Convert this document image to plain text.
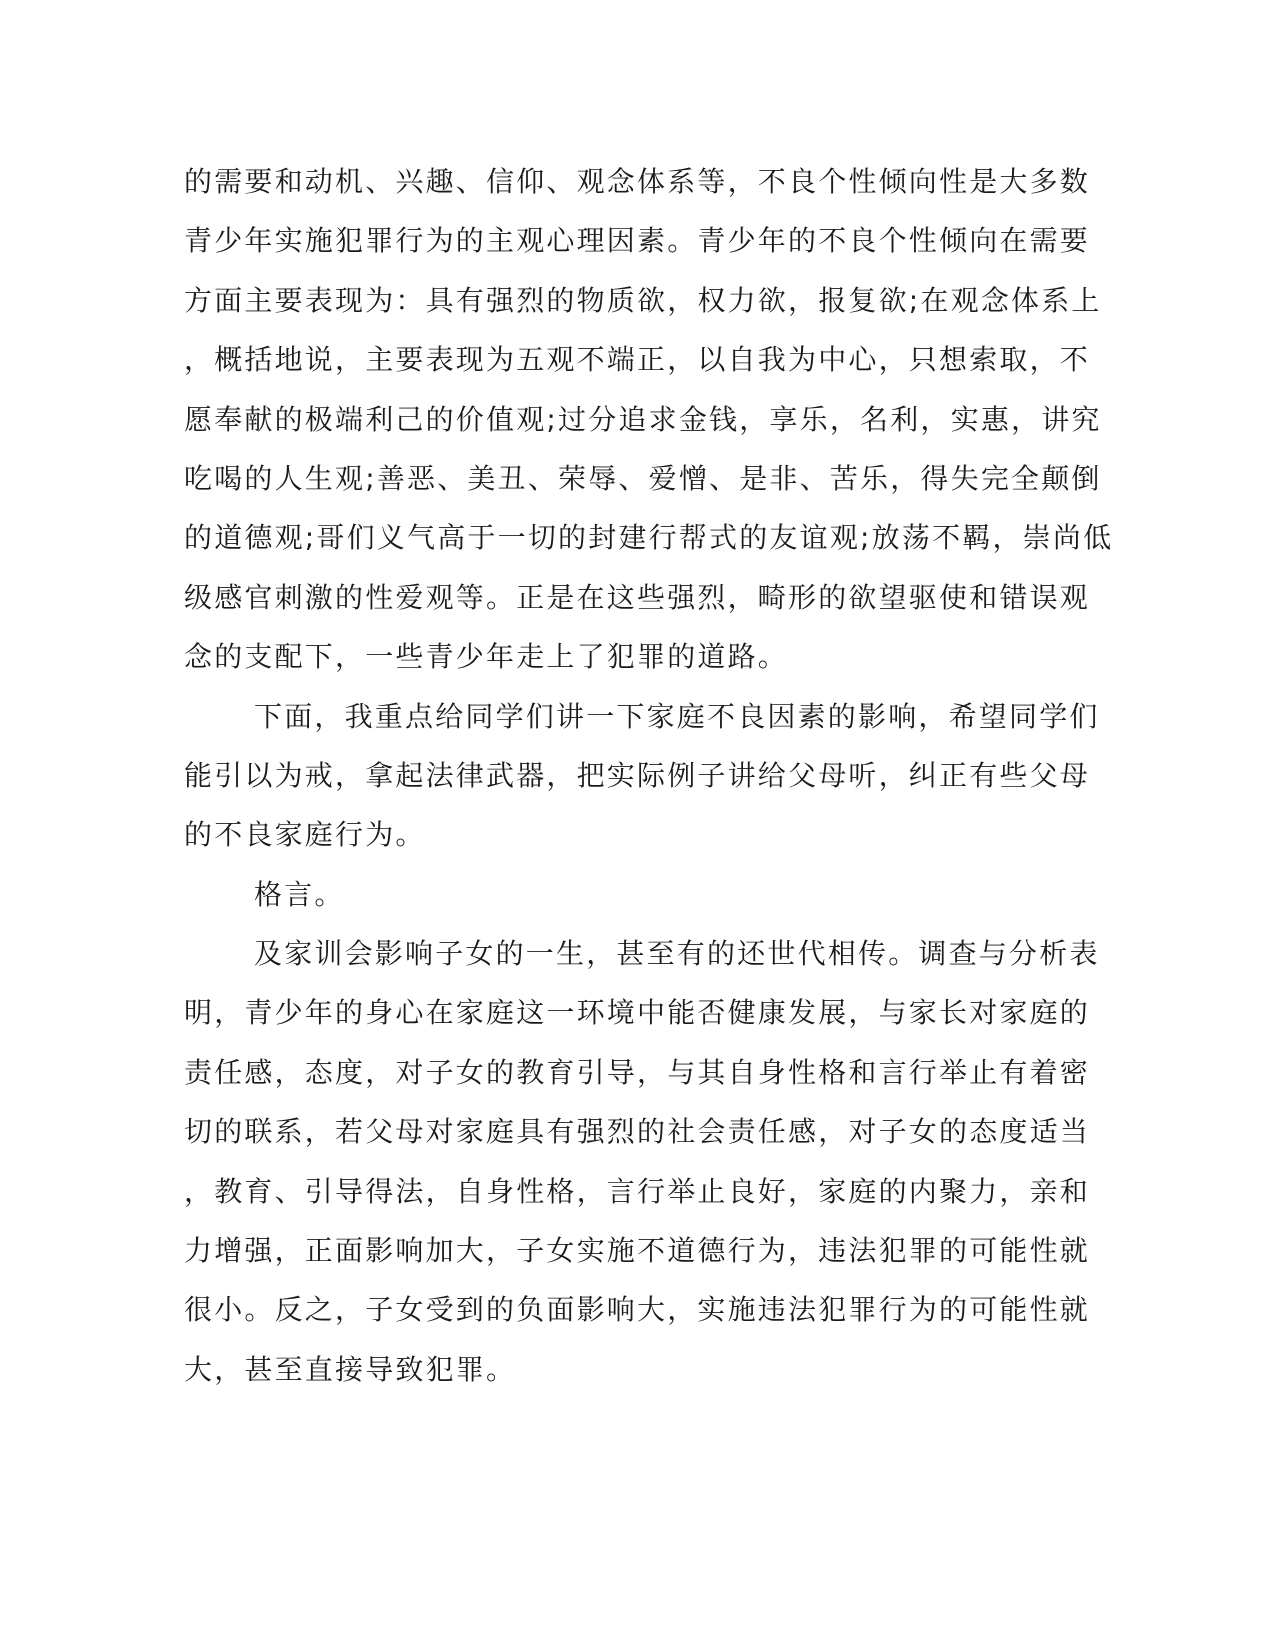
的需要和动机、兴趣、信仰、观念体系等，不良个性倾向性是大多数
青少年实施犯罪行为的主观心理因素。青少年的不良个性倾向在需要
方面主要表现为：具有强烈的物质欲，权力欲，报复欲;在观念体系上
，概括地说，主要表现为五观不端正，以自我为中心，只想索取，不
愿奉献的极端利己的价值观;过分追求金钱，享乐，名利，实惠，讲究
吃喝的人生观;善恶、美丑、荣辱、爱憎、是非、苦乐，得失完全颠倒
的道德观;哥们义气高于一切的封建行帮式的友谊观;放荡不羁，崇尚低
级感官刺激的性爱观等。正是在这些强烈，畸形的欲望驱使和错误观
念的支配下，一些青少年走上了犯罪的道路。
下面，我重点给同学们讲一下家庭不良因素的影响，希望同学们
能引以为戒，拿起法律武器，把实际例子讲给父母听，纠正有些父母
的不良家庭行为。
格言。
及家训会影响子女的一生，甚至有的还世代相传。调查与分析表
明，青少年的身心在家庭这一环境中能否健康发展，与家长对家庭的
责任感，态度，对子女的教育引导，与其自身性格和言行举止有着密
切的联系，若父母对家庭具有强烈的社会责任感，对子女的态度适当
，教育、引导得法，自身性格，言行举止良好，家庭的内聚力，亲和
力增强，正面影响加大，子女实施不道德行为，违法犯罪的可能性就
很小。反之，子女受到的负面影响大，实施违法犯罪行为的可能性就
大，甚至直接导致犯罪。
